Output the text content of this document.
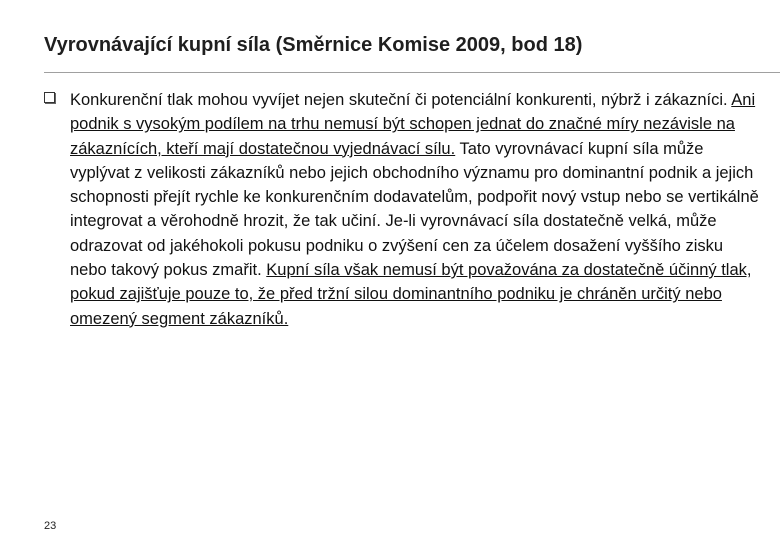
Vyrovnávající kupní síla (Směrnice Komise 2009, bod 18)

Konkurenční tlak mohou vyvíjet nejen skuteční či potenciální konkurenti, nýbrž i zákazníci. Ani podnik s vysokým podílem na trhu nemusí být schopen jednat do značné míry nezávisle na zákaznících, kteří mají dostatečnou vyjednávací sílu. Tato vyrovnávací kupní síla může vyplývat z velikosti zákazníků nebo jejich obchodního významu pro dominantní podnik a jejich schopnosti přejít rychle ke konkurenčním dodavatelům, podpořit nový vstup nebo se vertikálně integrovat a věrohodně hrozit, že tak učiní. Je-li vyrovnávací síla dostatečně velká, může odrazovat od jakéhokoli pokusu podniku o zvýšení cen za účelem dosažení vyššího zisku nebo takový pokus zmařit. Kupní síla však nemusí být považována za dostatečně účinný tlak, pokud zajišťuje pouze to, že před tržní silou dominantního podniku je chráněn určitý nebo omezený segment zákazníků.

23
